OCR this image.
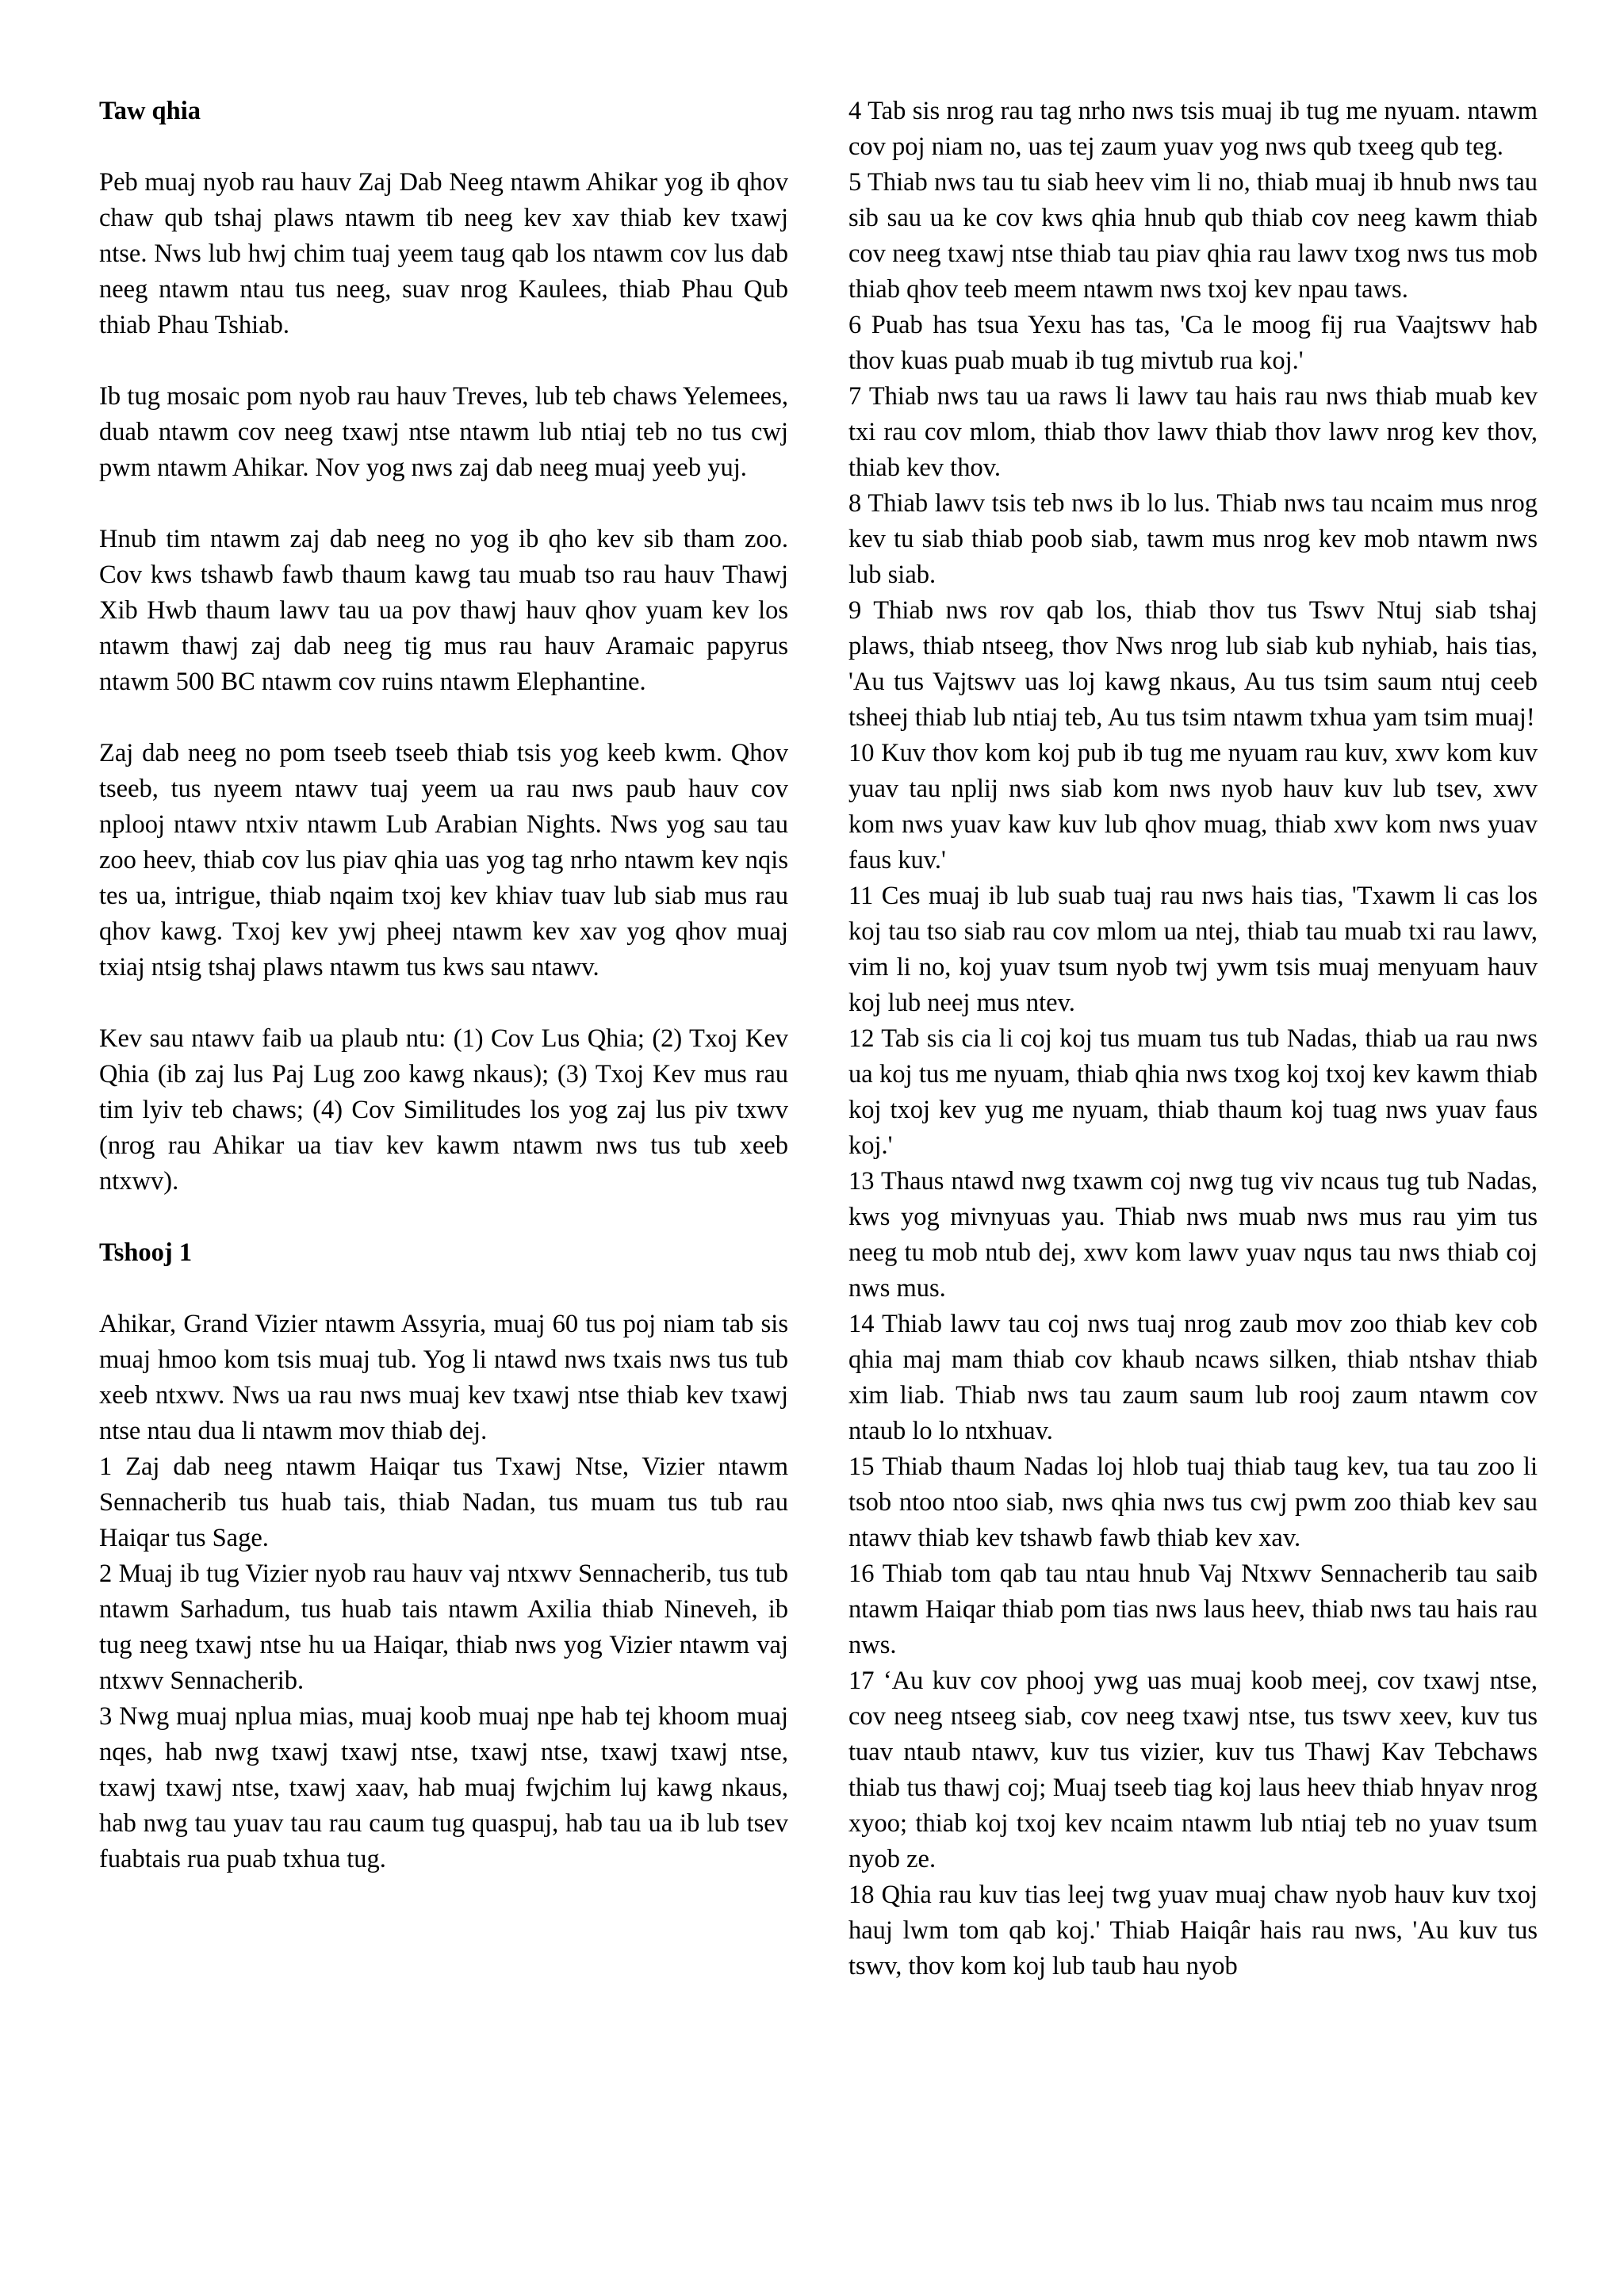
Taw qhia
Peb muaj nyob rau hauv Zaj Dab Neeg ntawm Ahikar yog ib qhov chaw qub tshaj plaws ntawm tib neeg kev xav thiab kev txawj ntse. Nws lub hwj chim tuaj yeem taug qab los ntawm cov lus dab neeg ntawm ntau tus neeg, suav nrog Kaulees, thiab Phau Qub thiab Phau Tshiab.
Ib tug mosaic pom nyob rau hauv Treves, lub teb chaws Yelemees, duab ntawm cov neeg txawj ntse ntawm lub ntiaj teb no tus cwj pwm ntawm Ahikar. Nov yog nws zaj dab neeg muaj yeeb yuj.
Hnub tim ntawm zaj dab neeg no yog ib qho kev sib tham zoo. Cov kws tshawb fawb thaum kawg tau muab tso rau hauv Thawj Xib Hwb thaum lawv tau ua pov thawj hauv qhov yuam kev los ntawm thawj zaj dab neeg tig mus rau hauv Aramaic papyrus ntawm 500 BC ntawm cov ruins ntawm Elephantine.
Zaj dab neeg no pom tseeb tseeb thiab tsis yog keeb kwm. Qhov tseeb, tus nyeem ntawv tuaj yeem ua rau nws paub hauv cov nplooj ntawv ntxiv ntawm Lub Arabian Nights. Nws yog sau tau zoo heev, thiab cov lus piav qhia uas yog tag nrho ntawm kev nqis tes ua, intrigue, thiab nqaim txoj kev khiav tuav lub siab mus rau qhov kawg. Txoj kev ywj pheej ntawm kev xav yog qhov muaj txiaj ntsig tshaj plaws ntawm tus kws sau ntawv.
Kev sau ntawv faib ua plaub ntu: (1) Cov Lus Qhia; (2) Txoj Kev Qhia (ib zaj lus Paj Lug zoo kawg nkaus); (3) Txoj Kev mus rau tim lyiv teb chaws; (4) Cov Similitudes los yog zaj lus piv txwv (nrog rau Ahikar ua tiav kev kawm ntawm nws tus tub xeeb ntxwv).
Tshooj 1
Ahikar, Grand Vizier ntawm Assyria, muaj 60 tus poj niam tab sis muaj hmoo kom tsis muaj tub. Yog li ntawd nws txais nws tus tub xeeb ntxwv. Nws ua rau nws muaj kev txawj ntse thiab kev txawj ntse ntau dua li ntawm mov thiab dej.
1 Zaj dab neeg ntawm Haiqar tus Txawj Ntse, Vizier ntawm Sennacherib tus huab tais, thiab Nadan, tus muam tus tub rau Haiqar tus Sage.
2 Muaj ib tug Vizier nyob rau hauv vaj ntxwv Sennacherib, tus tub ntawm Sarhadum, tus huab tais ntawm Axilia thiab Nineveh, ib tug neeg txawj ntse hu ua Haiqar, thiab nws yog Vizier ntawm vaj ntxwv Sennacherib.
3 Nwg muaj nplua mias, muaj koob muaj npe hab tej khoom muaj nqes, hab nwg txawj txawj ntse, txawj ntse, txawj txawj ntse, txawj txawj ntse, txawj xaav, hab muaj fwjchim luj kawg nkaus, hab nwg tau yuav tau rau caum tug quaspuj, hab tau ua ib lub tsev fuabtais rua puab txhua tug.
4 Tab sis nrog rau tag nrho nws tsis muaj ib tug me nyuam. ntawm cov poj niam no, uas tej zaum yuav yog nws qub txeeg qub teg.
5 Thiab nws tau tu siab heev vim li no, thiab muaj ib hnub nws tau sib sau ua ke cov kws qhia hnub qub thiab cov neeg kawm thiab cov neeg txawj ntse thiab tau piav qhia rau lawv txog nws tus mob thiab qhov teeb meem ntawm nws txoj kev npau taws.
6 Puab has tsua Yexu has tas, 'Ca le moog fij rua Vaajtswv hab thov kuas puab muab ib tug mivtub rua koj.'
7 Thiab nws tau ua raws li lawv tau hais rau nws thiab muab kev txi rau cov mlom, thiab thov lawv thiab thov lawv nrog kev thov, thiab kev thov.
8 Thiab lawv tsis teb nws ib lo lus. Thiab nws tau ncaim mus nrog kev tu siab thiab poob siab, tawm mus nrog kev mob ntawm nws lub siab.
9 Thiab nws rov qab los, thiab thov tus Tswv Ntuj siab tshaj plaws, thiab ntseeg, thov Nws nrog lub siab kub nyhiab, hais tias, 'Au tus Vajtswv uas loj kawg nkaus, Au tus tsim saum ntuj ceeb tsheej thiab lub ntiaj teb, Au tus tsim ntawm txhua yam tsim muaj!
10 Kuv thov kom koj pub ib tug me nyuam rau kuv, xwv kom kuv yuav tau nplij nws siab kom nws nyob hauv kuv lub tsev, xwv kom nws yuav kaw kuv lub qhov muag, thiab xwv kom nws yuav faus kuv.'
11 Ces muaj ib lub suab tuaj rau nws hais tias, 'Txawm li cas los koj tau tso siab rau cov mlom ua ntej, thiab tau muab txi rau lawv, vim li no, koj yuav tsum nyob twj ywm tsis muaj menyuam hauv koj lub neej mus ntev.
12 Tab sis cia li coj koj tus muam tus tub Nadas, thiab ua rau nws ua koj tus me nyuam, thiab qhia nws txog koj txoj kev kawm thiab koj txoj kev yug me nyuam, thiab thaum koj tuag nws yuav faus koj.'
13 Thaus ntawd nwg txawm coj nwg tug viv ncaus tug tub Nadas, kws yog mivnyuas yau. Thiab nws muab nws mus rau yim tus neeg tu mob ntub dej, xwv kom lawv yuav nqus tau nws thiab coj nws mus.
14 Thiab lawv tau coj nws tuaj nrog zaub mov zoo thiab kev cob qhia maj mam thiab cov khaub ncaws silken, thiab ntshav thiab xim liab. Thiab nws tau zaum saum lub rooj zaum ntawm cov ntaub lo lo ntxhuav.
15 Thiab thaum Nadas loj hlob tuaj thiab taug kev, tua tau zoo li tsob ntoo ntoo siab, nws qhia nws tus cwj pwm zoo thiab kev sau ntawv thiab kev tshawb fawb thiab kev xav.
16 Thiab tom qab tau ntau hnub Vaj Ntxwv Sennacherib tau saib ntawm Haiqar thiab pom tias nws laus heev, thiab nws tau hais rau nws.
17 ‘Au kuv cov phooj ywg uas muaj koob meej, cov txawj ntse, cov neeg ntseeg siab, cov neeg txawj ntse, tus tswv xeev, kuv tus tuav ntaub ntawv, kuv tus vizier, kuv tus Thawj Kav Tebchaws thiab tus thawj coj; Muaj tseeb tiag koj laus heev thiab hnyav nrog xyoo; thiab koj txoj kev ncaim ntawm lub ntiaj teb no yuav tsum nyob ze.
18 Qhia rau kuv tias leej twg yuav muaj chaw nyob hauv kuv txoj hauj lwm tom qab koj.' Thiab Haiqâr hais rau nws, 'Au kuv tus tswv, thov kom koj lub taub hau nyob
